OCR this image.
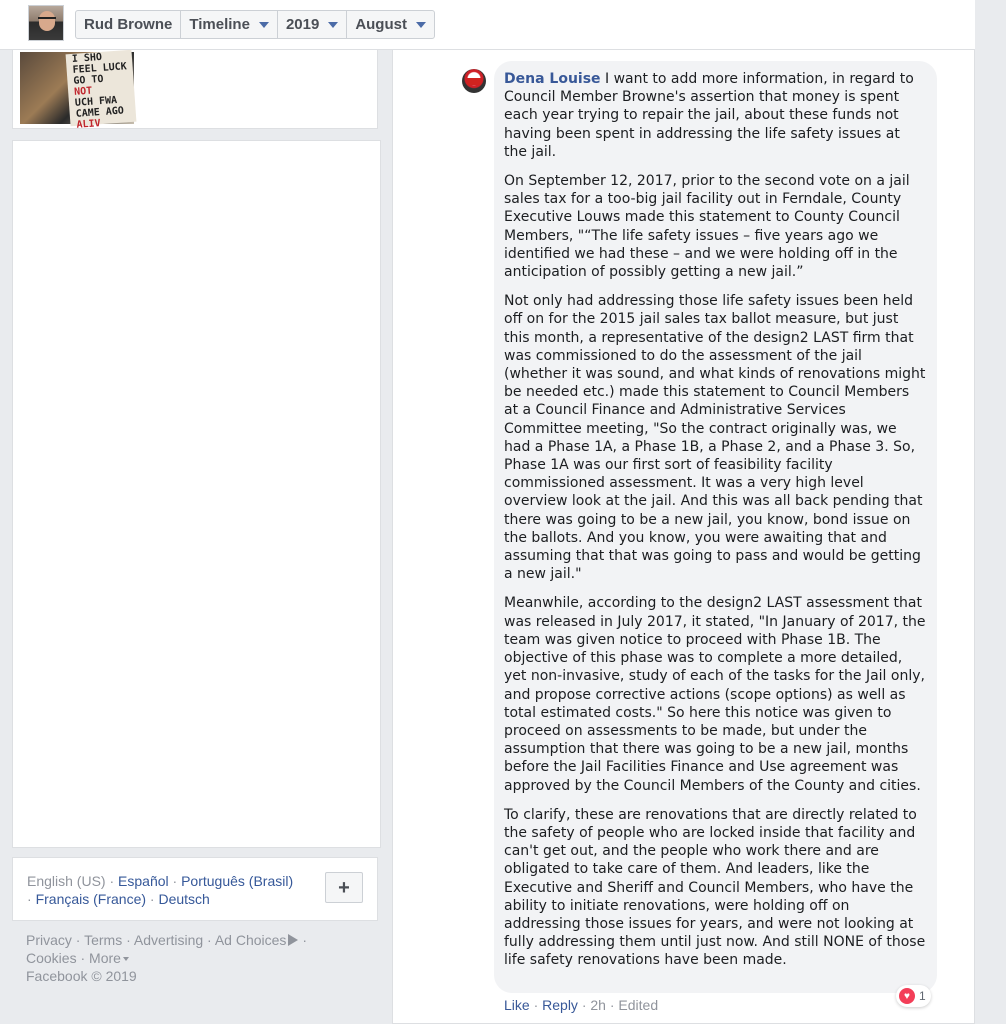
Rud Browne Timeline 2019 August
I SHO
FEEL LUCK
GO TO
NOT
UCH FWA
CAME AGO
ALIV
English (US) · Español · Português (Brasil)
· Français (France) · Deutsch
+
Privacy · Terms · Advertising · Ad Choices ·
Cookies · More
Facebook © 2019

Dena Louise I want to add more information, in regard to Council Member Browne's assertion that money is spent each year trying to repair the jail, about these funds not having been spent in addressing the life safety issues at the jail.

On September 12, 2017, prior to the second vote on a jail sales tax for a too-big jail facility out in Ferndale, County Executive Louws made this statement to County Council Members, "“The life safety issues – five years ago we identified we had these – and we were holding off in the anticipation of possibly getting a new jail.”

Not only had addressing those life safety issues been held off on for the 2015 jail sales tax ballot measure, but just this month, a representative of the design2 LAST firm that was commissioned to do the assessment of the jail (whether it was sound, and what kinds of renovations might be needed etc.) made this statement to Council Members at a Council Finance and Administrative Services Committee meeting, "So the contract originally was, we had a Phase 1A, a Phase 1B, a Phase 2, and a Phase 3. So, Phase 1A was our first sort of feasibility facility commissioned assessment. It was a very high level overview look at the jail. And this was all back pending that there was going to be a new jail, you know, bond issue on the ballots. And you know, you were awaiting that and assuming that that was going to pass and would be getting a new jail."

Meanwhile, according to the design2 LAST assessment that was released in July 2017, it stated, "In January of 2017, the team was given notice to proceed with Phase 1B. The objective of this phase was to complete a more detailed, yet non-invasive, study of each of the tasks for the Jail only, and propose corrective actions (scope options) as well as total estimated costs." So here this notice was given to proceed on assessments to be made, but under the assumption that there was going to be a new jail, months before the Jail Facilities Finance and Use agreement was approved by the Council Members of the County and cities.

To clarify, these are renovations that are directly related to the safety of people who are locked inside that facility and can't get out, and the people who work there and are obligated to take care of them. And leaders, like the Executive and Sheriff and Council Members, who have the ability to initiate renovations, were holding off on addressing those issues for years, and were not looking at fully addressing them until just now. And still NONE of those life safety renovations have been made.

♥ 1
Like · Reply · 2h · Edited
